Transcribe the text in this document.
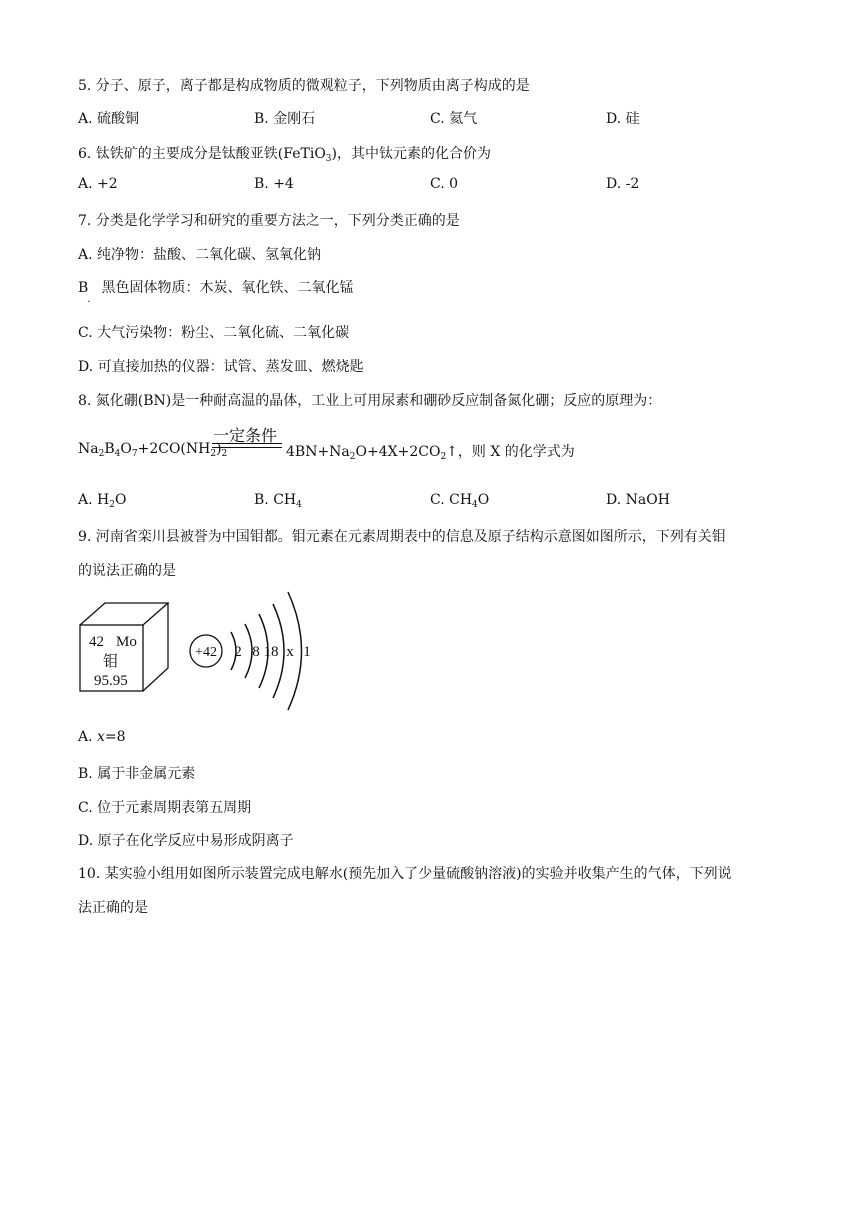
5. 分子、原子，离子都是构成物质的微观粒子，下列物质由离子构成的是
A. 硫酸铜	B. 金刚石	C. 氦气	D. 硅
6. 钛铁矿的主要成分是钛酸亚铁(FeTiO$_3$)，其中钛元素的化合价为
A. +2	B. +4	C. 0	D. -2
7. 分类是化学学习和研究的重要方法之一，下列分类正确的是
A. 纯净物：盐酸、二氧化碳、氢氧化钠
$B_.$黑色固体物质：木炭、氧化铁、二氧化锰
C. 大气污染物：粉尘、二氧化硫、二氧化碳
D. 可直接加热的仪器：试管、蒸发皿、燃烧匙
8. 氮化硼(BN)是一种耐高温的晶体，工业上可用尿素和硼砂反应制备氮化硼；反应的原理为：
一定条件
$Na_2B_4O_7+2CO(NH_2)_2$	$4BN+Na_2O+4X+2CO_2↑$，则 X 的化学式为
A. $H_2O$	B. $CH_4$	C. $CH_4O$	D. NaOH
9. 河南省栾川县被誉为中国钼都。钼元素在元素周期表中的信息及原子结构示意图如图所示，下列有关钼
的说法正确的是
42 Mo
钼
95.95
+42 2 8 18 x 1
A. x=8
B. 属于非金属元素
C. 位于元素周期表第五周期
D. 原子在化学反应中易形成阴离子
10. 某实验小组用如图所示装置完成电解水(预先加入了少量硫酸钠溶液)的实验并收集产生的气体，下列说
法正确的是
